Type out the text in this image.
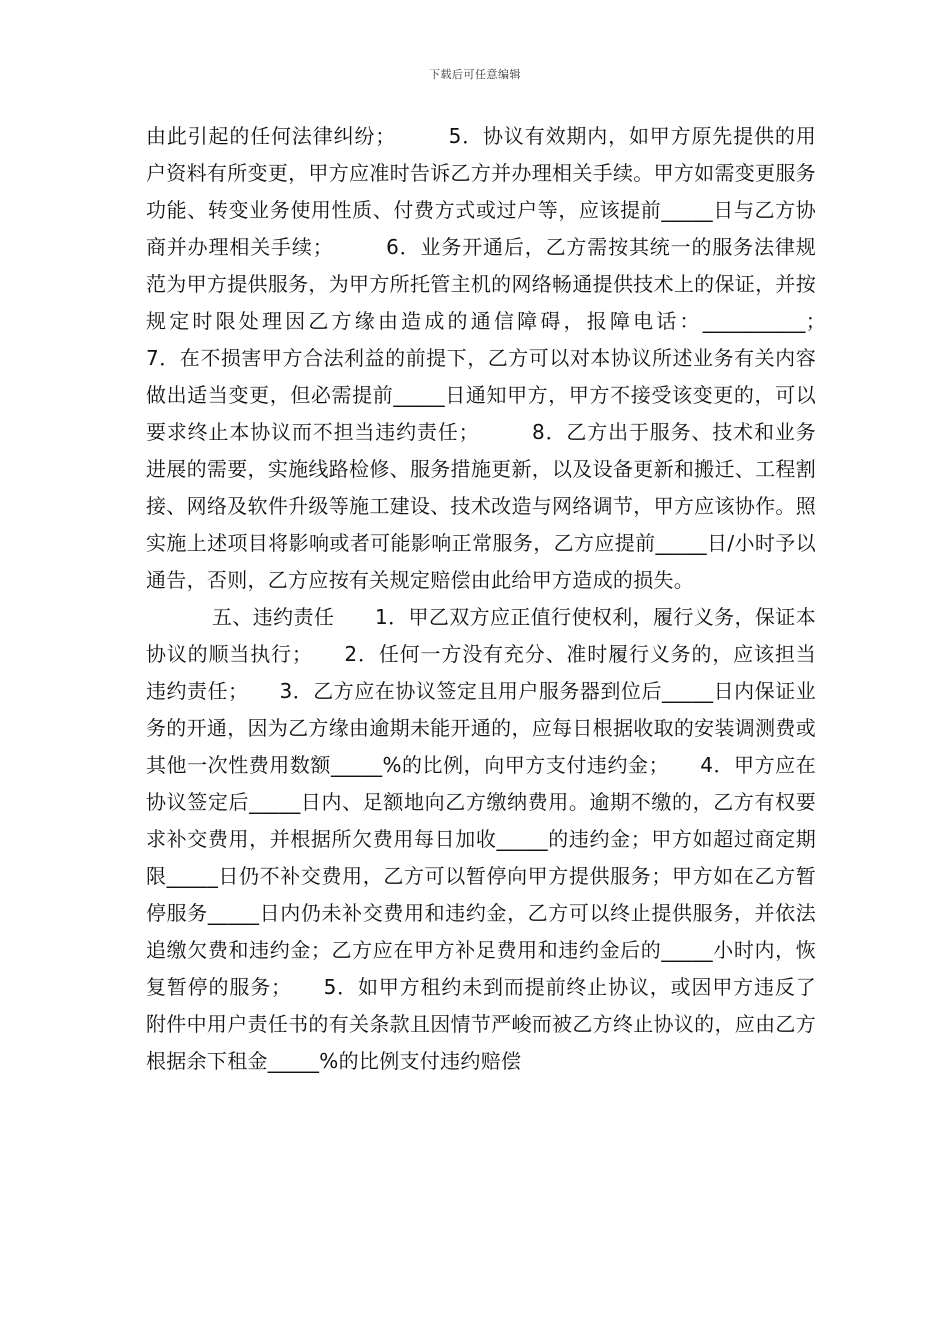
下载后可任意编辑

由此引起的任何法律纠纷；　　　5．协议有效期内，如甲方原先提供的用户资料有所变更，甲方应准时告诉乙方并办理相关手续。甲方如需变更服务功能、转变业务使用性质、付费方式或过户等，应该提前_____日与乙方协商并办理相关手续；　　　6．业务开通后，乙方需按其统一的服务法律规范为甲方提供服务，为甲方所托管主机的网络畅通提供技术上的保证，并按规定时限处理因乙方缘由造成的通信障碍，报障电话：__________；　　　7．在不损害甲方合法利益的前提下，乙方可以对本协议所述业务有关内容做出适当变更，但必需提前_____日通知甲方，甲方不接受该变更的，可以要求终止本协议而不担当违约责任；　　　8．乙方出于服务、技术和业务进展的需要，实施线路检修、服务措施更新，以及设备更新和搬迁、工程割接、网络及软件升级等施工建设、技术改造与网络调节，甲方应该协作。照实施上述项目将影响或者可能影响正常服务，乙方应提前_____日/小时予以通告，否则，乙方应按有关规定赔偿由此给甲方造成的损失。

五、违约责任　　1．甲乙双方应正值行使权利，履行义务，保证本协议的顺当执行；　　2．任何一方没有充分、准时履行义务的，应该担当违约责任；　　3．乙方应在协议签定且用户服务器到位后_____日内保证业务的开通，因为乙方缘由逾期未能开通的，应每日根据收取的安装调测费或其他一次性费用数额_____%的比例，向甲方支付违约金；　　4．甲方应在协议签定后_____日内、足额地向乙方缴纳费用。逾期不缴的，乙方有权要求补交费用，并根据所欠费用每日加收_____的违约金；甲方如超过商定期限_____日仍不补交费用，乙方可以暂停向甲方提供服务；甲方如在乙方暂停服务_____日内仍未补交费用和违约金，乙方可以终止提供服务，并依法追缴欠费和违约金；乙方应在甲方补足费用和违约金后的_____小时内，恢复暂停的服务；　　5．如甲方租约未到而提前终止协议，或因甲方违反了附件中用户责任书的有关条款且因情节严峻而被乙方终止协议的，应由乙方根据余下租金_____%的比例支付违约赔偿
